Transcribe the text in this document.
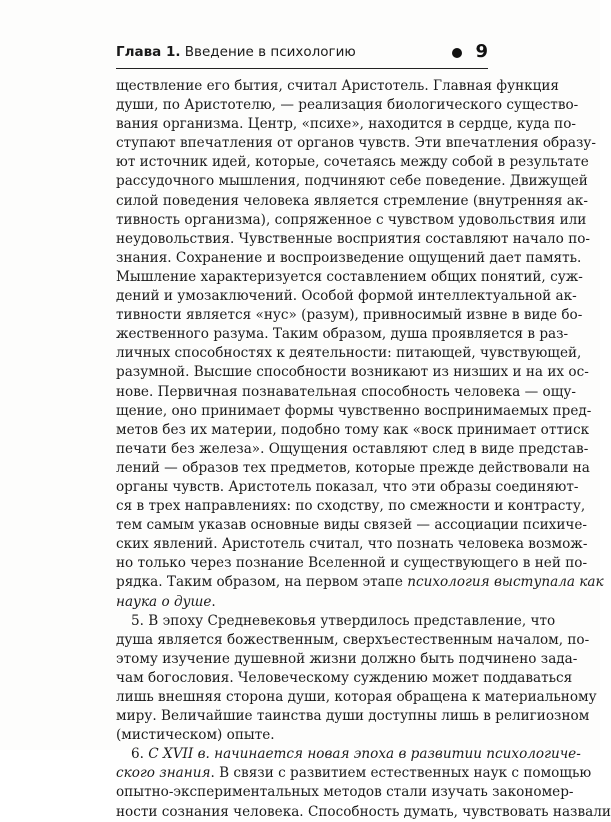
Глава 1. Введение в психологию	9
ществление его бытия, считал Аристотель. Главная функция
души, по Аристотелю, — реализация биологического существо-
вания организма. Центр, «психе», находится в сердце, куда по-
ступают впечатления от органов чувств. Эти впечатления образу-
ют источник идей, которые, сочетаясь между собой в результате
рассудочного мышления, подчиняют себе поведение. Движущей
силой поведения человека является стремление (внутренняя ак-
тивность организма), сопряженное с чувством удовольствия или
неудовольствия. Чувственные восприятия составляют начало по-
знания. Сохранение и воспроизведение ощущений дает память.
Мышление характеризуется составлением общих понятий, суж-
дений и умозаключений. Особой формой интеллектуальной ак-
тивности является «нус» (разум), привносимый извне в виде бо-
жественного разума. Таким образом, душа проявляется в раз-
личных способностях к деятельности: питающей, чувствующей,
разумной. Высшие способности возникают из низших и на их ос-
нове. Первичная познавательная способность человека — ощу-
щение, оно принимает формы чувственно воспринимаемых пред-
метов без их материи, подобно тому как «воск принимает оттиск
печати без железа». Ощущения оставляют след в виде представ-
лений — образов тех предметов, которые прежде действовали на
органы чувств. Аристотель показал, что эти образы соединяют-
ся в трех направлениях: по сходству, по смежности и контрасту,
тем самым указав основные виды связей — ассоциации психиче-
ских явлений. Аристотель считал, что познать человека возмож-
но только через познание Вселенной и существующего в ней по-
рядка. Таким образом, на первом этапе психология выступала как
наука о душе.
5. В эпоху Средневековья утвердилось представление, что
душа является божественным, сверхъестественным началом, по-
этому изучение душевной жизни должно быть подчинено зада-
чам богословия. Человеческому суждению может поддаваться
лишь внешняя сторона души, которая обращена к материальному
миру. Величайшие таинства души доступны лишь в религиозном
(мистическом) опыте.
6. С XVII в. начинается новая эпоха в развитии психологиче-
ского знания. В связи с развитием естественных наук с помощью
опытно-экспериментальных методов стали изучать закономер-
ности сознания человека. Способность думать, чувствовать назвали
